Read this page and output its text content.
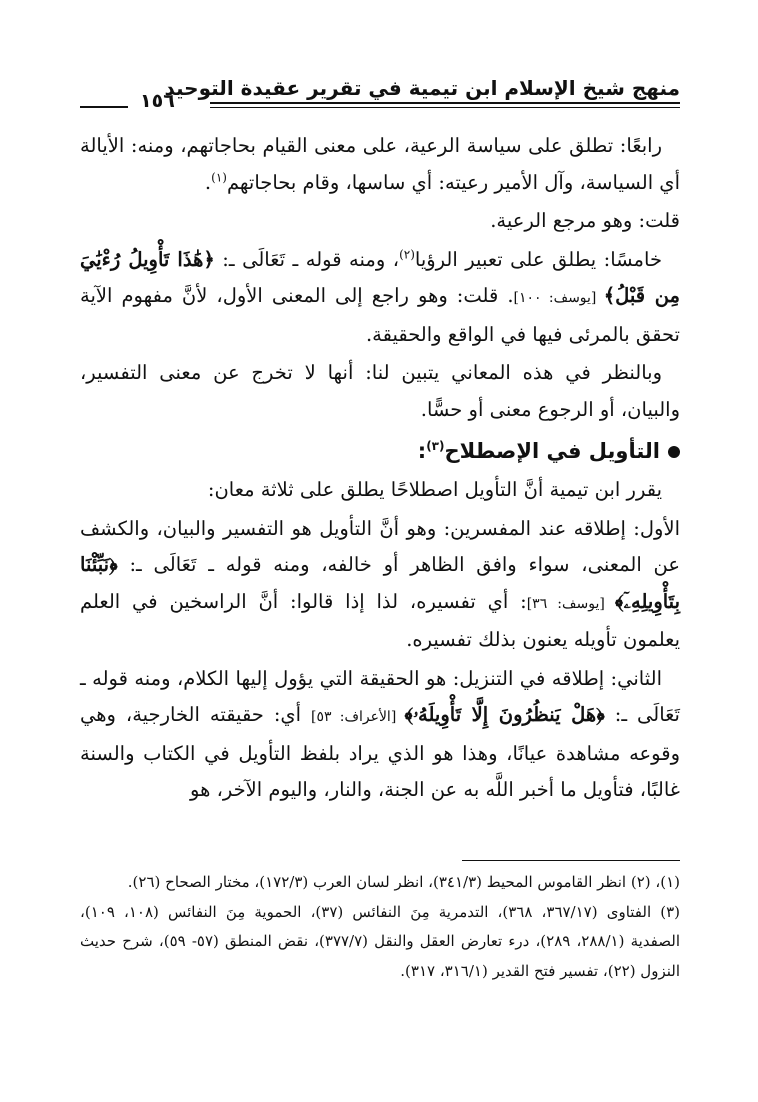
منهج شيخ الإسلام ابن تيمية في تقرير عقيدة التوحيد
١٥٦

رابعًا: تطلق على سياسة الرعية، على معنى القيام بحاجاتهم، ومنه: الأيالة أي السياسة، وآل الأمير رعيته: أي ساسها، وقام بحاجاتهم$^{(١)}$.

قلت: وهو مرجع الرعية.

خامسًا: يطلق على تعبير الرؤيا$^{(٢)}$، ومنه قوله ـ تَعَالَى ـ: ﴿هَٰذَا تَأْوِيلُ رُءْيَٰيَ مِن قَبْلُ﴾ [يوسف: ١٠٠]. قلت: وهو راجع إلى المعنى الأول، لأنَّ مفهوم الآية تحقق بالمرئى فيها في الواقع والحقيقة.

وبالنظر في هذه المعاني يتبين لنا: أنها لا تخرج عن معنى التفسير، والبيان، أو الرجوع معنى أو حسًّا.

التأويل في الإصطلاح$^{(٣)}$:

يقرر ابن تيمية أنَّ التأويل اصطلاحًا يطلق على ثلاثة معان:

الأول: إطلاقه عند المفسرين: وهو أنَّ التأويل هو التفسير والبيان، والكشف عن المعنى، سواء وافق الظاهر أو خالفه، ومنه قوله ـ تَعَالَى ـ: ﴿نَبِّئْنَا بِتَأْوِيلِهِۦٓ﴾ [يوسف: ٣٦]: أي تفسيره، لذا إذا قالوا: أنَّ الراسخين في العلم يعلمون تأويله يعنون بذلك تفسيره.

الثاني: إطلاقه في التنزيل: هو الحقيقة التي يؤول إليها الكلام، ومنه قوله ـ تَعَالَى ـ: ﴿هَلْ يَنظُرُونَ إِلَّا تَأْوِيلَهُۥ﴾ [الأعراف: ٥٣] أي: حقيقته الخارجية، وهي وقوعه مشاهدة عيانًا، وهذا هو الذي يراد بلفظ التأويل في الكتاب والسنة غالبًا، فتأويل ما أخبر اللَّه به عن الجنة، والنار، واليوم الآخر، هو

(١)، (٢) انظر القاموس المحيط (٣٤١/٣)، انظر لسان العرب (١٧٢/٣)، مختار الصحاح (٢٦).

(٣) الفتاوى (٣٦٧/١٧، ٣٦٨)، التدمرية مِنَ النفائس (٣٧)، الحموية مِنَ النفائس (١٠٨، ١٠٩)، الصفدية (٢٨٨/١، ٢٨٩)، درء تعارض العقل والنقل (٣٧٧/٧)، نقض المنطق (٥٧- ٥٩)، شرح حديث النزول (٢٢)، تفسير فتح القدير (٣١٦/١، ٣١٧).
